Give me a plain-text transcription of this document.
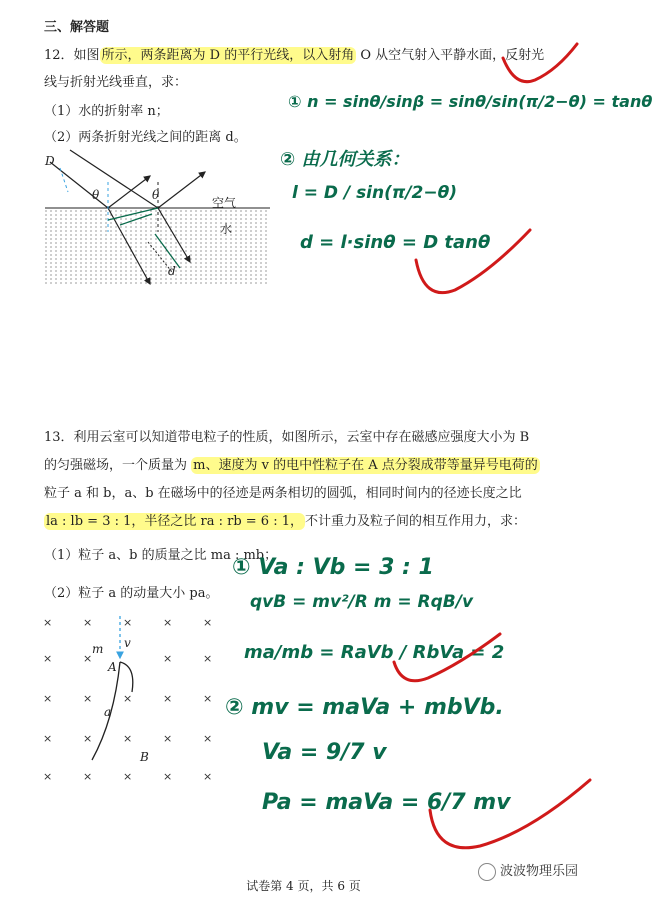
三、解答题
12．如图 所示，两条距离为 D 的平行光线，以入射角 O 从空气射入平静水面，反射光
线与折射光线垂直，求：
（1）水的折射率 n；
（2）两条折射光线之间的距离 d。
D
θ	θ
空气
水
d
① n = sinθ/sinβ = sinθ/sin(π/2−θ) = tanθ
② 由几何关系：
l = D / sin(π/2−θ)
d = l·sinθ = D tanθ
13．利用云室可以知道带电粒子的性质，如图所示，云室中存在磁感应强度大小为 B
的匀强磁场，一个质量为 m、速度为 v 的电中性粒子在 A 点分裂成带等量异号电荷的
粒子 a 和 b，a、b 在磁场中的径迹是两条相切的圆弧，相同时间内的径迹长度之比
la : lb = 3 : 1，半径之比 ra : rb = 6 : 1， 不计重力及粒子间的相互作用力，求：
（1）粒子 a、b 的质量之比 ma : mb；
（2）粒子 a 的动量大小 pa。
×	×	×	×	×
×	×	×	×
×	×	×	×	×
×	×	×	×	×
×	×	×	×	×
m v
A
a
B
① Va : Vb = 3 : 1
qvB = mv²/R m = RqB/v
ma/mb = RaVb / RbVa = 2
② mv = maVa + mbVb.
Va = 9/7 v
Pa = maVa = 6/7 mv
试卷第 4 页，共 6 页
波波物理乐园
